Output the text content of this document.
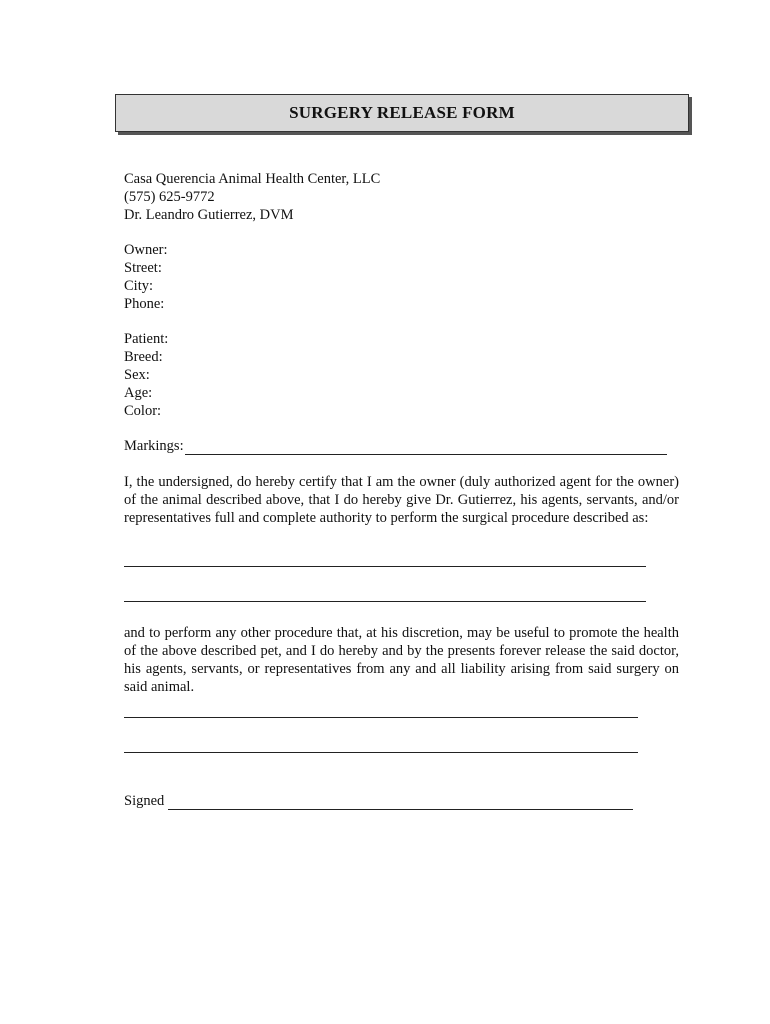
SURGERY RELEASE FORM
Casa Querencia Animal Health Center, LLC
(575) 625-9772
Dr. Leandro Gutierrez, DVM
Owner:
Street:
City:
Phone:
Patient:
Breed:
Sex:
Age:
Color:
Markings:
I, the undersigned, do hereby certify that I am the owner (duly authorized agent for the owner) of the animal described above, that I do hereby give Dr. Gutierrez, his agents, servants, and/or representatives full and complete authority to perform the surgical procedure described as:
and to perform any other procedure that, at his discretion, may be useful to promote the health of the above described pet, and I do hereby and by the presents forever release the said doctor, his agents, servants, or representatives from any and all liability arising from said surgery on said animal.
Signed
